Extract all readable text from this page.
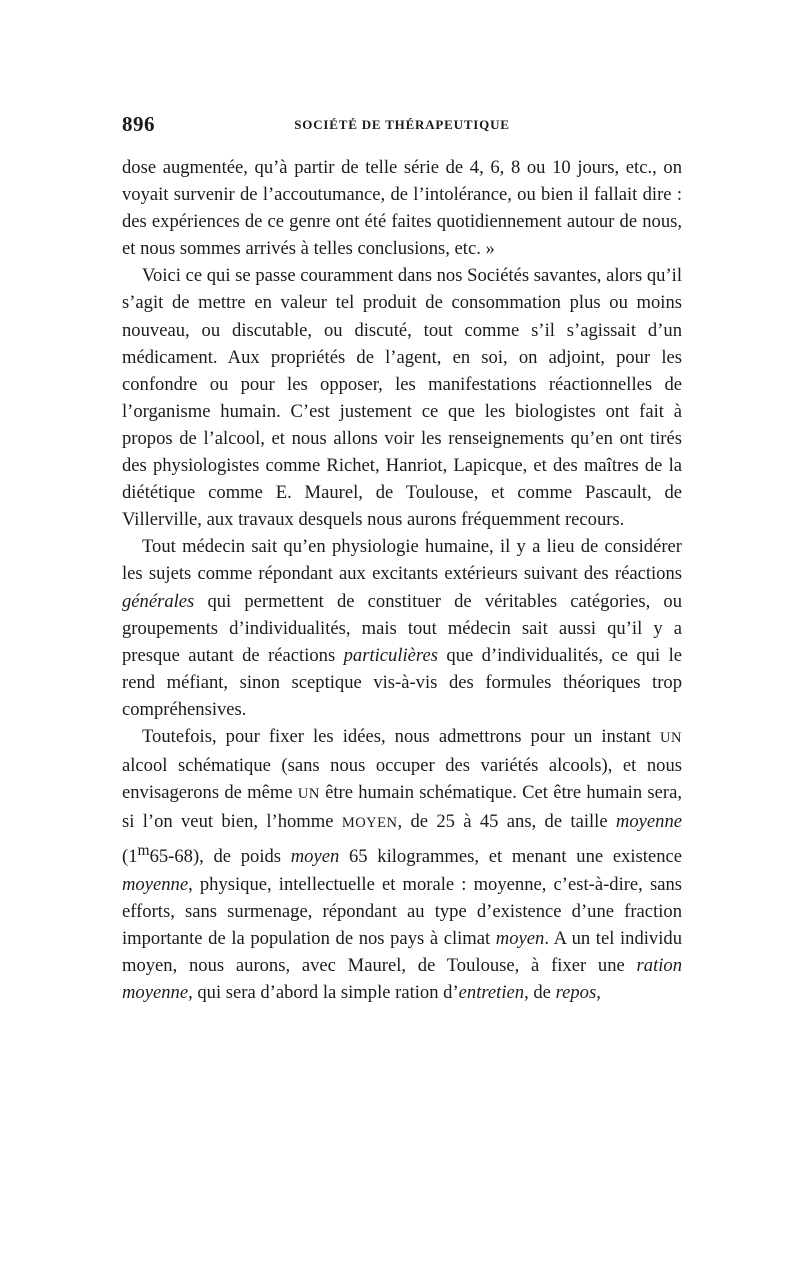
896	SOCIÉTÉ DE THÉRAPEUTIQUE

dose augmentée, qu’à partir de telle série de 4, 6, 8 ou 10 jours, etc., on voyait survenir de l’accoutumance, de l’intolérance, ou bien il fallait dire : des expériences de ce genre ont été faites quotidiennement autour de nous, et nous sommes arrivés à telles conclusions, etc. »

Voici ce qui se passe couramment dans nos Sociétés savantes, alors qu’il s’agit de mettre en valeur tel produit de consommation plus ou moins nouveau, ou discutable, ou discuté, tout comme s’il s’agissait d’un médicament. Aux propriétés de l’agent, en soi, on adjoint, pour les confondre ou pour les opposer, les manifestations réactionnelles de l’organisme humain. C’est justement ce que les biologistes ont fait à propos de l’alcool, et nous allons voir les renseignements qu’en ont tirés des physiologistes comme Richet, Hanriot, Lapicque, et des maîtres de la diététique comme E. Maurel, de Toulouse, et comme Pascault, de Villerville, aux travaux desquels nous aurons fréquemment recours.

Tout médecin sait qu’en physiologie humaine, il y a lieu de considérer les sujets comme répondant aux excitants extérieurs suivant des réactions générales qui permettent de constituer de véritables catégories, ou groupements d’individualités, mais tout médecin sait aussi qu’il y a presque autant de réactions particulières que d’individualités, ce qui le rend méfiant, sinon sceptique vis-à-vis des formules théoriques trop compréhensives.

Toutefois, pour fixer les idées, nous admettrons pour un instant UN alcool schématique (sans nous occuper des variétés alcools), et nous envisagerons de même UN être humain schématique. Cet être humain sera, si l’on veut bien, l’homme MOYEN, de 25 à 45 ans, de taille moyenne (1$^m$65-68), de poids moyen 65 kilogrammes, et menant une existence moyenne, physique, intellectuelle et morale : moyenne, c’est-à-dire, sans efforts, sans surmenage, répondant au type d’existence d’une fraction importante de la population de nos pays à climat moyen. A un tel individu moyen, nous aurons, avec Maurel, de Toulouse, à fixer une ration moyenne, qui sera d’abord la simple ration d’entretien, de repos,
